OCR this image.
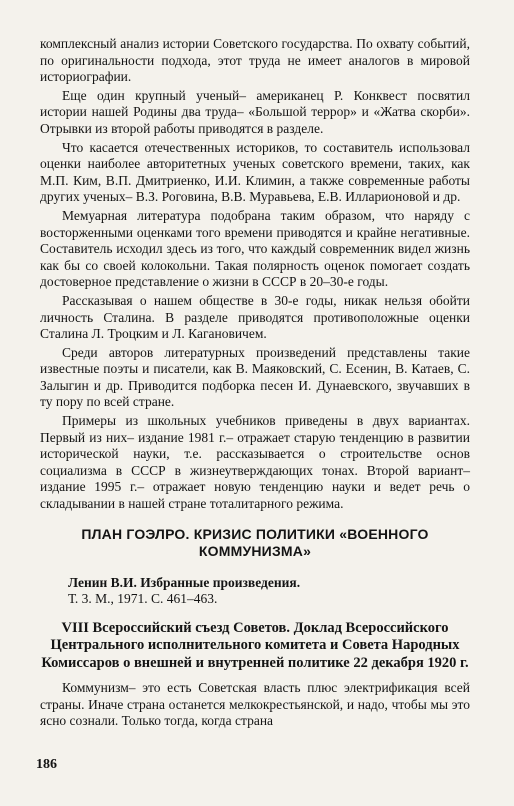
комплексный анализ истории Советского государства. По охвату событий, по оригинальности подхода, этот труда не имеет аналогов в мировой историографии.

Еще один крупный ученый– американец Р. Конквест посвятил истории нашей Родины два труда– «Большой террор» и «Жатва скорби». Отрывки из второй работы приводятся в разделе.

Что касается отечественных историков, то составитель использовал оценки наиболее авторитетных ученых советского времени, таких, как М.П. Ким, В.П. Дмитриенко, И.И. Климин, а также современные работы других ученых– В.З. Роговина, В.В. Муравьева, Е.В. Илларионовой и др.

Мемуарная литература подобрана таким образом, что наряду с восторженными оценками того времени приводятся и крайне негативные. Составитель исходил здесь из того, что каждый современник видел жизнь как бы со своей колокольни. Такая полярность оценок помогает создать достоверное представление о жизни в СССР в 20–30-е годы.

Рассказывая о нашем обществе в 30-е годы, никак нельзя обойти личность Сталина. В разделе приводятся противоположные оценки Сталина Л. Троцким и Л. Кагановичем.

Среди авторов литературных произведений представлены такие известные поэты и писатели, как В. Маяковский, С. Есенин, В. Катаев, С. Залыгин и др. Приводится подборка песен И. Дунаевского, звучавших в ту пору по всей стране.

Примеры из школьных учебников приведены в двух вариантах. Первый из них– издание 1981 г.– отражает старую тенденцию в развитии исторической науки, т.е. рассказывается о строительстве основ социализма в СССР в жизнеутверждающих тонах. Второй вариант– издание 1995 г.– отражает новую тенденцию науки и ведет речь о складывании в нашей стране тоталитарного режима.

ПЛАН ГОЭЛРО. КРИЗИС ПОЛИТИКИ «ВОЕННОГО КОММУНИЗМА»
Ленин В.И. Избранные произведения.
Т. 3. М., 1971. С. 461–463.
VIII Всероссийский съезд Советов. Доклад Всероссийского Центрального исполнительного комитета и Совета Народных Комиссаров о внешней и внутренней политике 22 декабря 1920 г.

Коммунизм– это есть Советская власть плюс электрификация всей страны. Иначе страна останется мелкокрестьянской, и надо, чтобы мы это ясно сознали. Только тогда, когда страна

186
